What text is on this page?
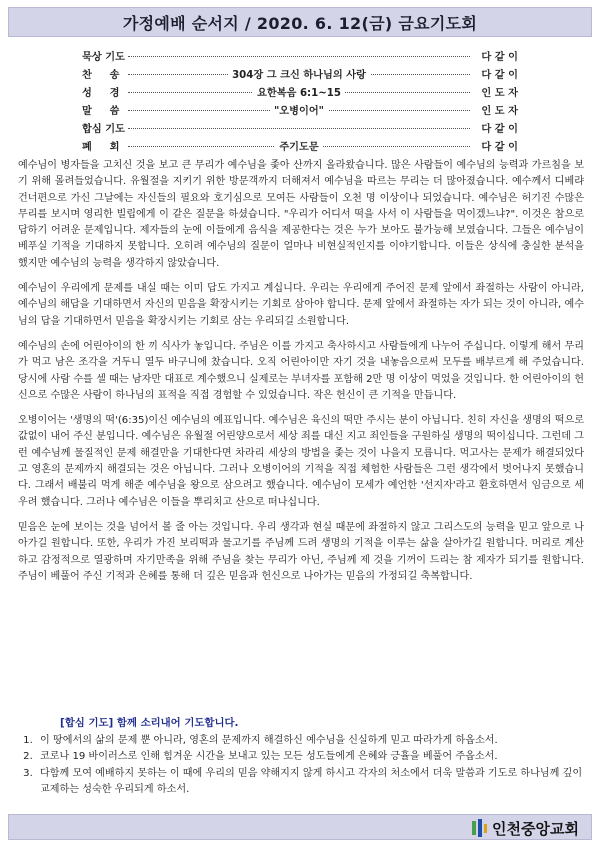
가정예배 순서지 / 2020. 6. 12(금) 금요기도회
묵상 기도	다 같 이
찬     송	304장 그 크신 하나님의 사랑	다 같 이
성     경	요한복음 6:1~15	인 도 자
말     씀	"오병이어"	인 도 자
합심 기도	다 같 이
폐     회	주기도문	다 같 이

예수님이 병자들을 고치신 것을 보고 큰 무리가 예수님을 좇아 산까지 올라왔습니다. 많은 사람들이 예수님의 능력과 가르침을 보기 위해 몰려들었습니다. 유월절을 지키기 위한 방문객까지 더해져서 예수님을 따르는 무리는 더 많아졌습니다. 예수께서 디베랴 건너편으로 가신 그날에는 자신들의 필요와 호기심으로 모여든 사람들이 오천 명 이상이나 되었습니다. 예수님은 허기진 수많은 무리를 보시며 영리한 빌립에게 이 같은 질문을 하셨습니다. "우리가 어디서 떡을 사서 이 사람들을 먹이겠느냐?". 이것은 참으로 답하기 어려운 문제입니다. 제자들의 눈에 이들에게 음식을 제공한다는 것은 누가 보아도 불가능해 보였습니다. 그들은 예수님이 베푸실 기적을 기대하지 못합니다. 오히려 예수님의 질문이 얼마나 비현실적인지를 이야기합니다. 이들은 상식에 충실한 분석을 했지만 예수님의 능력을 생각하지 않았습니다.

예수님이 우리에게 문제를 내실 때는 이미 답도 가지고 계십니다. 우리는 우리에게 주어진 문제 앞에서 좌절하는 사람이 아니라, 예수님의 해답을 기대하면서 자신의 믿음을 확장시키는 기회로 삼아야 합니다. 문제 앞에서 좌절하는 자가 되는 것이 아니라, 예수님의 답을 기대하면서 믿음을 확장시키는 기회로 삼는 우리되길 소원합니다.

예수님의 손에 어린아이의 한 끼 식사가 놓입니다. 주님은 이를 가지고 축사하시고 사람들에게 나누어 주십니다. 이렇게 해서 무리가 먹고 남은 조각을 거두니 열두 바구니에 찼습니다. 오직 어린아이만 자기 것을 내놓음으로써 모두를 배부르게 해 주었습니다. 당시에 사람 수를 셀 때는 남자만 대표로 계수했으니 실제로는 부녀자를 포함해 2만 명 이상이 먹었을 것입니다. 한 어린아이의 헌신으로 수많은 사람이 하나님의 표적을 직접 경험할 수 있었습니다. 작은 헌신이 큰 기적을 만듭니다.

오병이어는 '생명의 떡'(6:35)이신 예수님의 예표입니다. 예수님은 육신의 떡만 주시는 분이 아닙니다. 친히 자신을 생명의 떡으로 값없이 내어 주신 분입니다. 예수님은 유월절 어린양으로서 세상 죄를 대신 지고 죄인들을 구원하실 생명의 떡이십니다. 그런데 그런 예수님께 물질적인 문제 해결만을 기대한다면 차라리 세상의 방법을 좇는 것이 나을지 모릅니다. 먹고사는 문제가 해결되었다고 영혼의 문제까지 해결되는 것은 아닙니다. 그러나 오병이어의 기적을 직접 체험한 사람들은 그런 생각에서 벗어나지 못했습니다. 그래서 배불리 먹게 해준 예수님을 왕으로 삼으려고 했습니다. 예수님이 모세가 예언한 '선지자'라고 환호하면서 임금으로 세우려 했습니다. 그러나 예수님은 이들을 뿌리치고 산으로 떠나십니다.

믿음은 눈에 보이는 것을 넘어서 볼 줄 아는 것입니다. 우리 생각과 현실 때문에 좌절하지 않고 그리스도의 능력을 믿고 앞으로 나아가길 원합니다. 또한, 우리가 가진 보리떡과 물고기를 주님께 드려 생명의 기적을 이루는 삶을 살아가길 원합니다. 머리로 계산하고 감정적으로 열광하며 자기만족을 위해 주님을 찾는 무리가 아닌, 주님께 제 것을 기꺼이 드리는 참 제자가 되기를 원합니다. 주님이 베풀어 주신 기적과 은혜를 통해 더 깊은 믿음과 헌신으로 나아가는 믿음의 가정되길 축복합니다.

[합심 기도] 함께 소리내어 기도합니다.
1. 이 땅에서의 삶의 문제 뿐 아니라, 영혼의 문제까지 해결하신 예수님을 신실하게 믿고 따라가게 하옵소서.
2. 코로나 19 바이러스로 인해 힘겨운 시간을 보내고 있는 모든 성도들에게 은혜와 긍휼을 베풀어 주옵소서.
3. 다함께 모여 예배하지 못하는 이 때에 우리의 믿음 약해지지 않게 하시고 각자의 처소에서 더욱 말씀과 기도로 하나님께 깊이 교제하는 성숙한 우리되게 하소서.
인천중앙교회
